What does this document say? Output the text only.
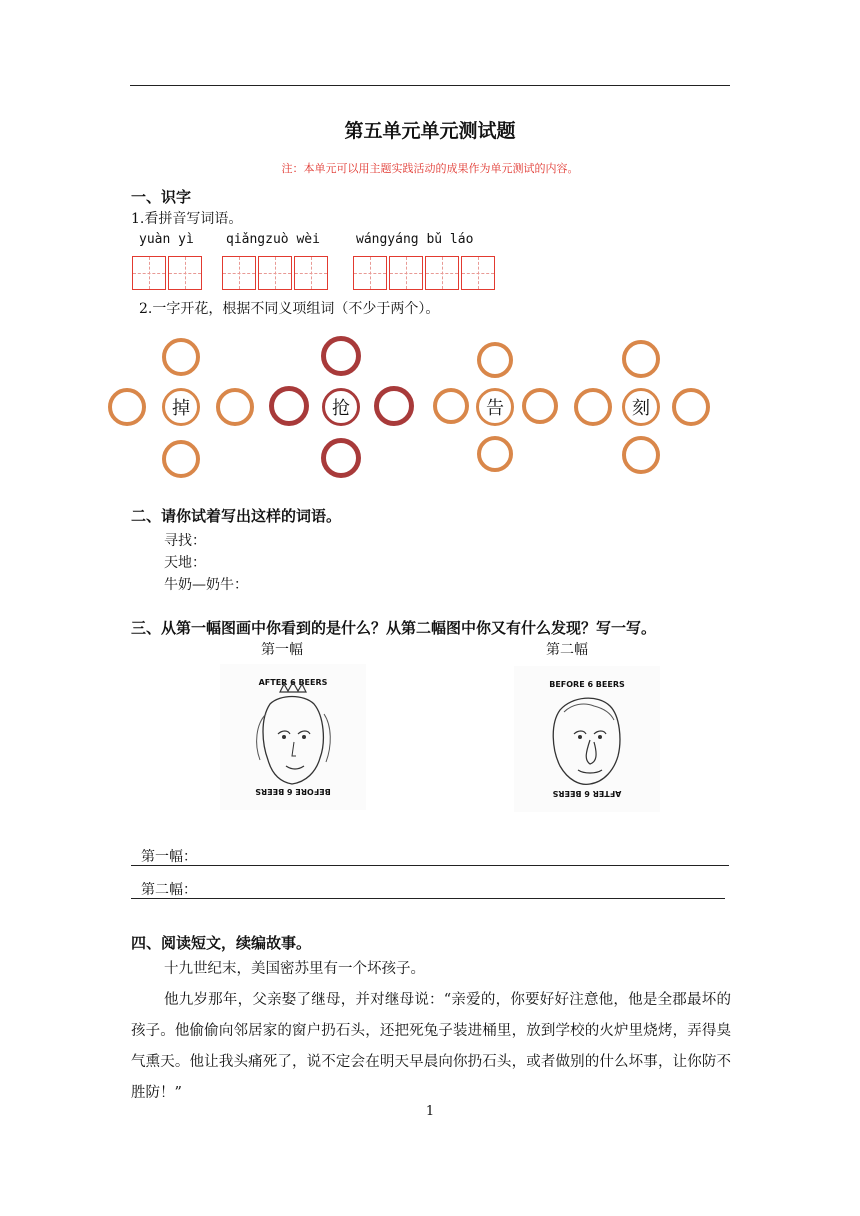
第五单元单元测试题
注：本单元可以用主题实践活动的成果作为单元测试的内容。
一、识字
1.看拼音写词语。
yuàn yì qiǎngzuò wèi	wángyáng bǔ láo
2.一字开花，根据不同义项组词（不少于两个）。
掉	抢	告	刻
二、请你试着写出这样的词语。
寻找：
天地：
牛奶—奶牛：
三、从第一幅图画中你看到的是什么？从第二幅图中你又有什么发现？写一写。
第一幅	第二幅
AFTER 6 BEERS
BEFORE 6 BEERS
BEFORE 6 BEERS
AFTER 6 BEERS
第一幅：
第二幅：
四、阅读短文，续编故事。
十九世纪末，美国密苏里有一个坏孩子。
他九岁那年，父亲娶了继母，并对继母说：“亲爱的，你要好好注意他，他是全郡最坏的孩子。他偷偷向邻居家的窗户扔石头，还把死兔子装进桶里，放到学校的火炉里烧烤，弄得臭气熏天。他让我头痛死了，说不定会在明天早晨向你扔石头，或者做别的什么坏事，让你防不胜防！”
1
